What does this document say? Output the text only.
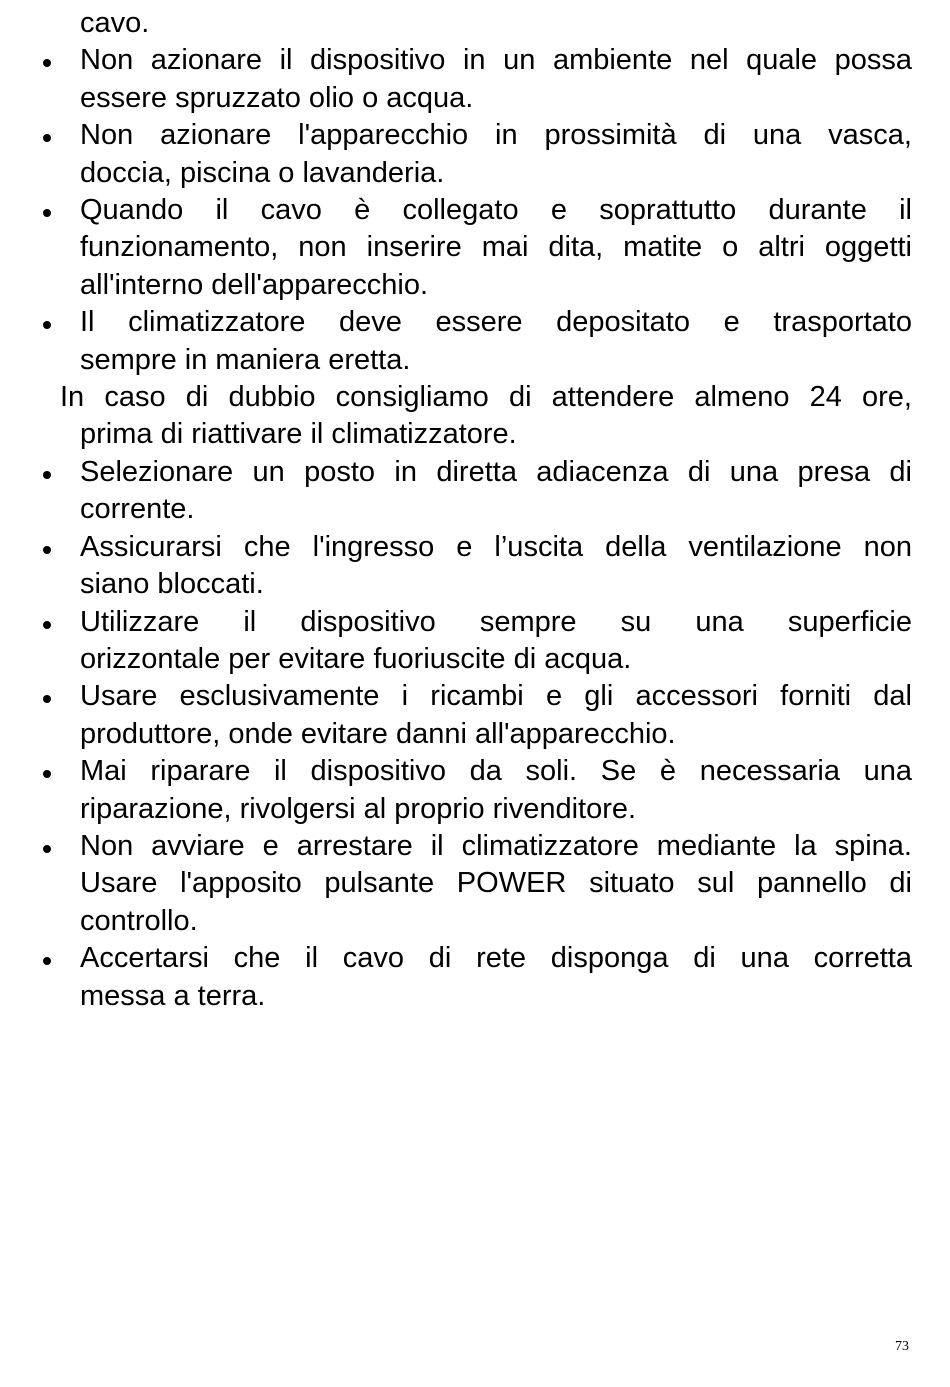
cavo.
Non azionare il dispositivo in un ambiente nel quale possa
essere spruzzato olio o acqua.
Non azionare l'apparecchio in prossimità di una vasca,
doccia, piscina o lavanderia.
Quando il cavo è collegato e soprattutto durante il
funzionamento, non inserire mai dita, matite o altri oggetti
all'interno dell'apparecchio.
Il climatizzatore deve essere depositato e trasportato
sempre in maniera eretta.
In caso di dubbio consigliamo di attendere almeno 24 ore,
prima di riattivare il climatizzatore.
Selezionare un posto in diretta adiacenza di una presa di
corrente.
Assicurarsi che l'ingresso e l’uscita della ventilazione non
siano bloccati.
Utilizzare il dispositivo sempre su una superficie
orizzontale per evitare fuoriuscite di acqua.
Usare esclusivamente i ricambi e gli accessori forniti dal
produttore, onde evitare danni all'apparecchio.
Mai riparare il dispositivo da soli. Se è necessaria una
riparazione, rivolgersi al proprio rivenditore.
Non avviare e arrestare il climatizzatore mediante la spina.
Usare l'apposito pulsante POWER situato sul pannello di
controllo.
Accertarsi che il cavo di rete disponga di una corretta
messa a terra.
73
